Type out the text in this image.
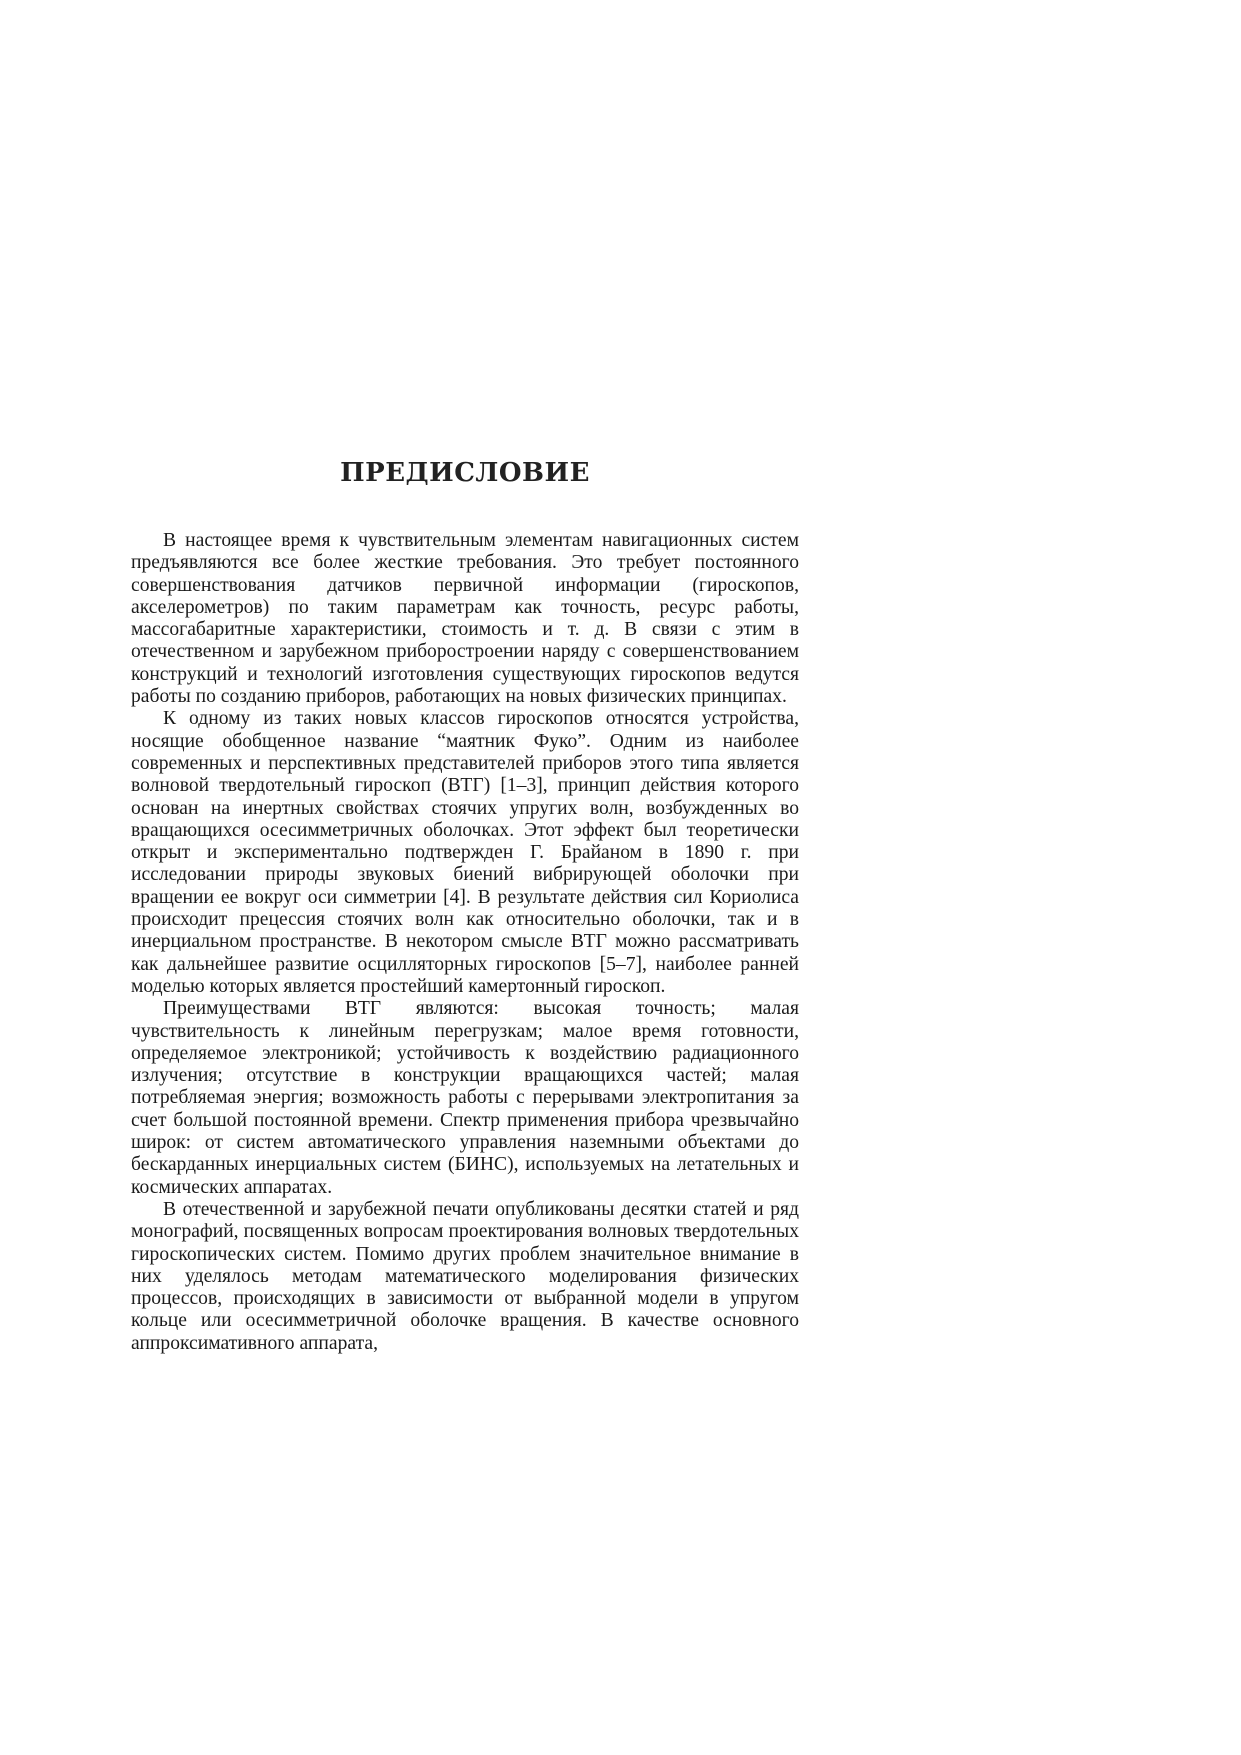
ПРЕДИСЛОВИЕ

В настоящее время к чувствительным элементам навигационных систем предъявляются все более жесткие требования. Это требует постоянного совершенствования датчиков первичной информации (гироскопов, акселерометров) по таким параметрам как точность, ресурс работы, массогабаритные характеристики, стоимость и т. д. В связи с этим в отечественном и зарубежном приборостроении наряду с совершенствованием конструкций и технологий изготовления существующих гироскопов ведутся работы по созданию приборов, работающих на новых физических принципах.

К одному из таких новых классов гироскопов относятся устройства, носящие обобщенное название “маятник Фуко”. Одним из наиболее современных и перспективных представителей приборов этого типа является волновой твердотельный гироскоп (ВТГ) [1–3], принцип действия которого основан на инертных свойствах стоячих упругих волн, возбужденных во вращающихся осесимметричных оболочках. Этот эффект был теоретически открыт и экспериментально подтвержден Г. Брайаном в 1890 г. при исследовании природы звуковых биений вибрирующей оболочки при вращении ее вокруг оси симметрии [4]. В результате действия сил Кориолиса происходит прецессия стоячих волн как относительно оболочки, так и в инерциальном пространстве. В некотором смысле ВТГ можно рассматривать как дальнейшее развитие осцилляторных гироскопов [5–7], наиболее ранней моделью которых является простейший камертонный гироскоп.

Преимуществами ВТГ являются: высокая точность; малая чувствительность к линейным перегрузкам; малое время готовности, определяемое электроникой; устойчивость к воздействию радиационного излучения; отсутствие в конструкции вращающихся частей; малая потребляемая энергия; возможность работы с перерывами электропитания за счет большой постоянной времени. Спектр применения прибора чрезвычайно широк: от систем автоматического управления наземными объектами до бескарданных инерциальных систем (БИНС), используемых на летательных и космических аппаратах.

В отечественной и зарубежной печати опубликованы десятки статей и ряд монографий, посвященных вопросам проектирования волновых твердотельных гироскопических систем. Помимо других проблем значительное внимание в них уделялось методам математического моделирования физических процессов, происходящих в зависимости от выбранной модели в упругом кольце или осесимметричной оболочке вращения. В качестве основного аппроксимативного аппарата,
